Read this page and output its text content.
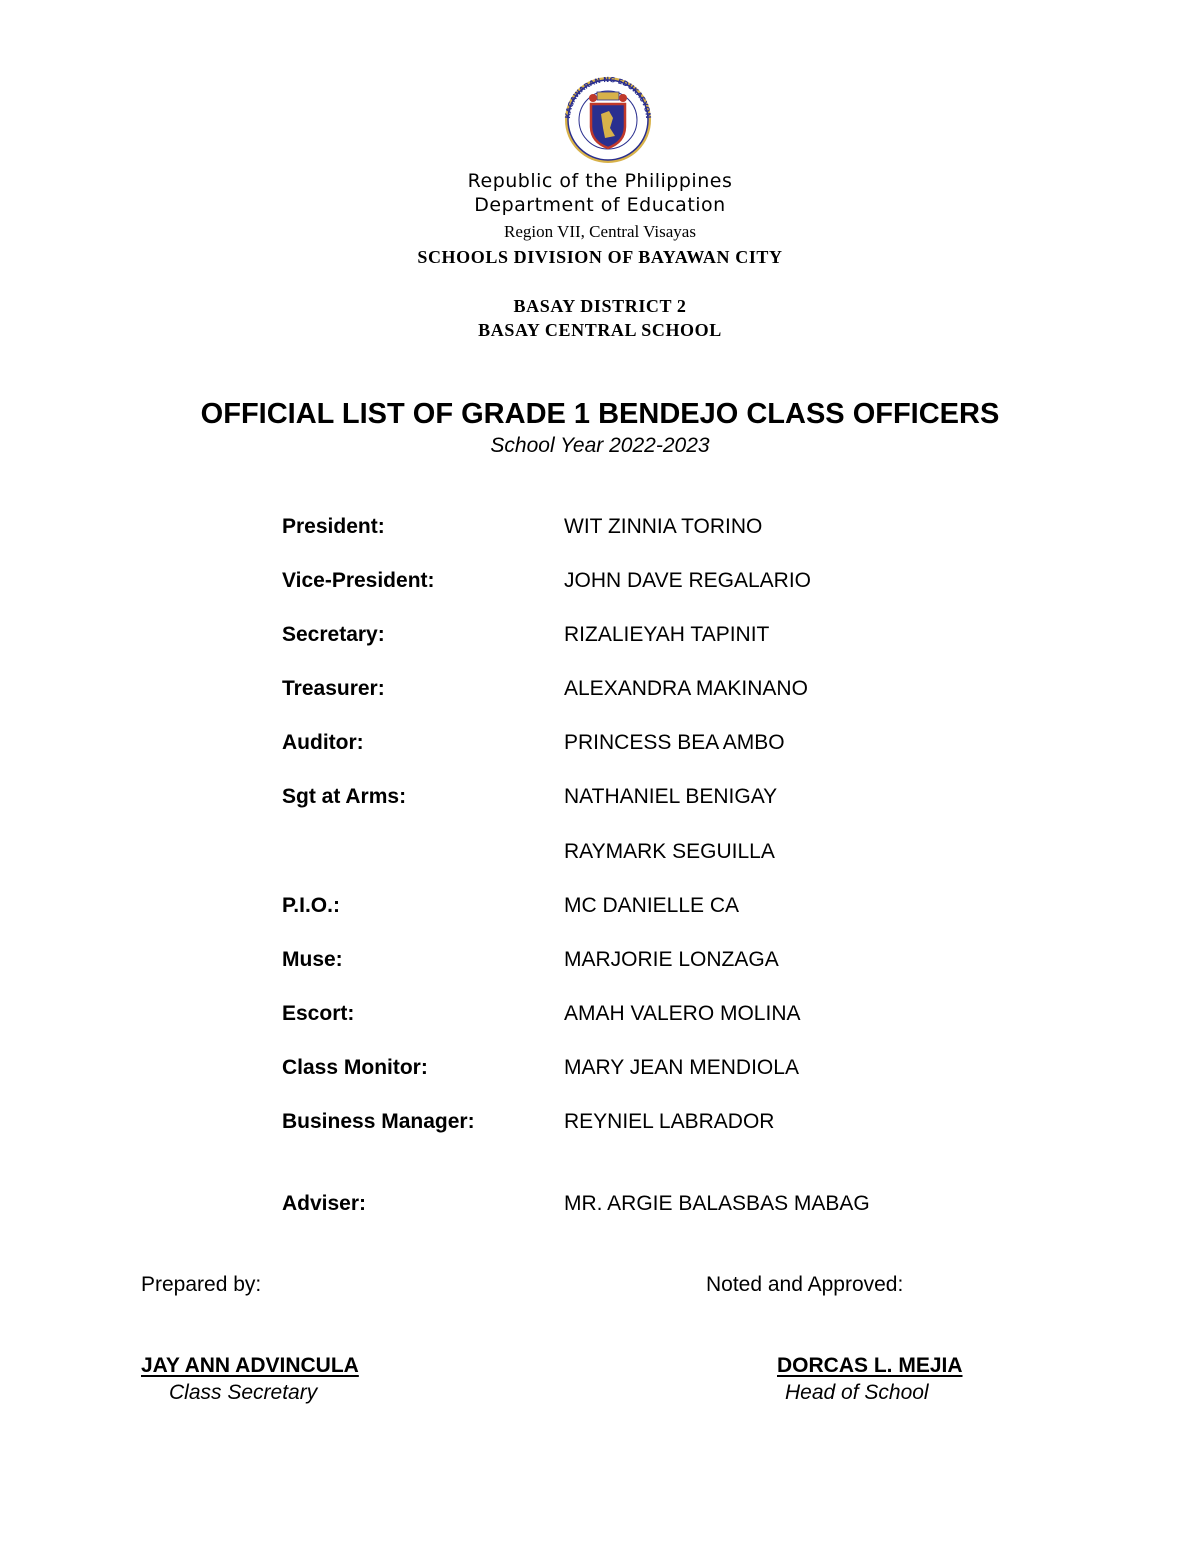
KAGAWARAN NG EDUKASYON
Republic of the Philippines
Department of Education
Region VII, Central Visayas
SCHOOLS DIVISION OF BAYAWAN CITY
BASAY DISTRICT 2
BASAY CENTRAL SCHOOL
OFFICIAL LIST OF GRADE 1 BENDEJO CLASS OFFICERS
School Year 2022-2023
President:	WIT ZINNIA TORINO
Vice-President:	JOHN DAVE REGALARIO
Secretary:	RIZALIEYAH TAPINIT
Treasurer:	ALEXANDRA MAKINANO
Auditor:	PRINCESS BEA AMBO
Sgt at Arms:	NATHANIEL BENIGAY
RAYMARK SEGUILLA
P.I.O.:	MC DANIELLE CA
Muse:	MARJORIE LONZAGA
Escort:	AMAH VALERO MOLINA
Class Monitor:	MARY JEAN MENDIOLA
Business Manager:	REYNIEL LABRADOR
Adviser:	MR. ARGIE BALASBAS MABAG
Prepared by:	Noted and Approved:
JAY ANN ADVINCULA
Class Secretary
DORCAS L. MEJIA
Head of School
